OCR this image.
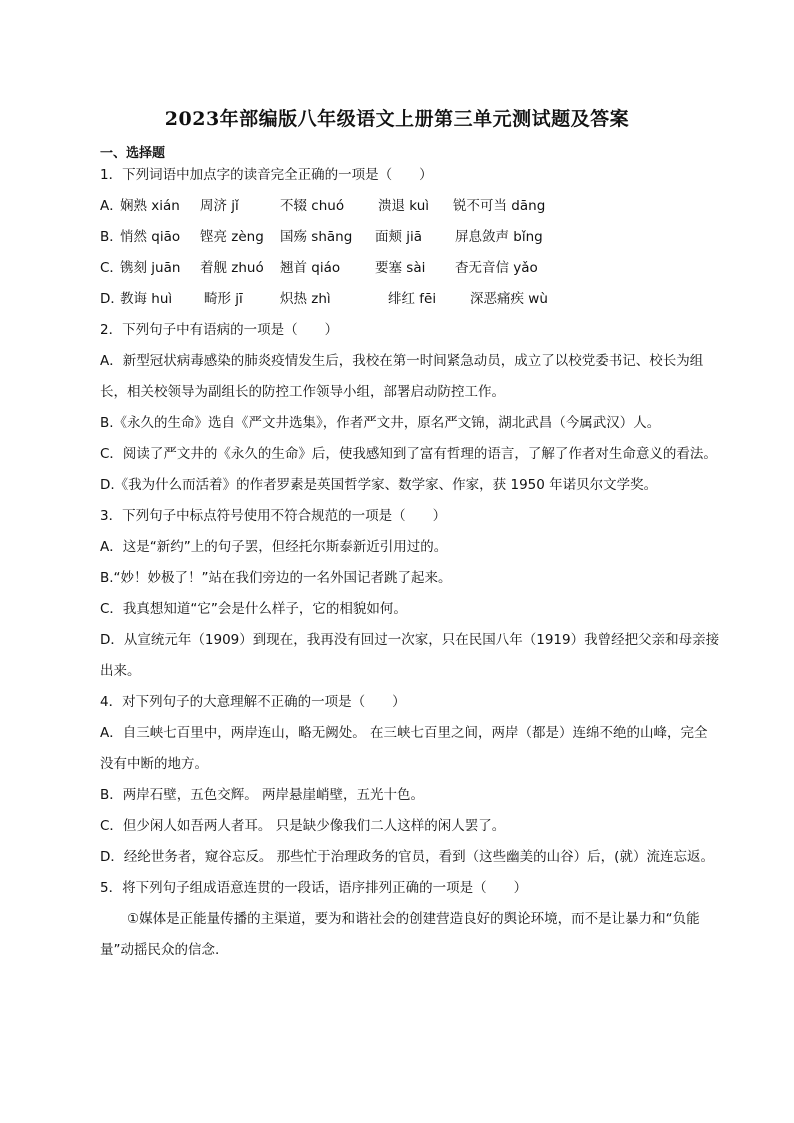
2023年部编版八年级语文上册第三单元测试题及答案
一、选择题
1．下列词语中加点字的读音完全正确的一项是（　　）
A．
娴熟 xián 周济 jǐ	不辍 chuó	溃退 kuì 锐不可当 dāng
B．
悄然 qiāo 铿亮 zèng 国殇 shāng 面颊 jiā 屏息敛声 bǐng
C．
镌刻 juān 着舰 zhuó 翘首 qiáo	要塞 sài 杳无音信 yǎo
D．
教诲 huì 畸形 jī	炽热 zhì	绯红 fēi	深恶痛疾 wù
2．下列句子中有语病的一项是（　　）
A．新型冠状病毒感染的肺炎疫情发生后，我校在第一时间紧急动员，成立了以校党委书记、校长为组长，相关校领导为副组长的防控工作领导小组，部署启动防控工作。
B.《永久的生命》选自《严文井选集》，作者严文井，原名严文锦，湖北武昌（今属武汉）人。
C．阅读了严文井的《永久的生命》后，使我感知到了富有哲理的语言，了解了作者对生命意义的看法。
D.《我为什么而活着》的作者罗素是英国哲学家、数学家、作家，获 1950 年诺贝尔文学奖。
3．下列句子中标点符号使用不符合规范的一项是（　　）
A．这是“新约”上的句子罢，但经托尔斯泰新近引用过的。
B.“妙！妙极了！”站在我们旁边的一名外国记者跳了起来。
C．我真想知道“它”会是什么样子，它的相貌如何。
D．从宣统元年（1909）到现在，我再没有回过一次家，只在民国八年（1919）我曾经把父亲和母亲接出来。
4．对下列句子的大意理解不正确的一项是（　　）
A．自三峡七百里中，两岸连山，略无阙处。 在三峡七百里之间，两岸（都是）连绵不绝的山峰，完全没有中断的地方。
B．两岸石壁，五色交辉。 两岸悬崖峭壁，五光十色。
C．但少闲人如吾两人者耳。 只是缺少像我们二人这样的闲人罢了。
D．经纶世务者，窥谷忘反。 那些忙于治理政务的官员，看到（这些幽美的山谷）后，(就）流连忘返。
5．将下列句子组成语意连贯的一段话，语序排列正确的一项是（　　）
①媒体是正能量传播的主渠道，要为和谐社会的创建营造良好的舆论环境，而不是让暴力和“负能量”动摇民众的信念.
